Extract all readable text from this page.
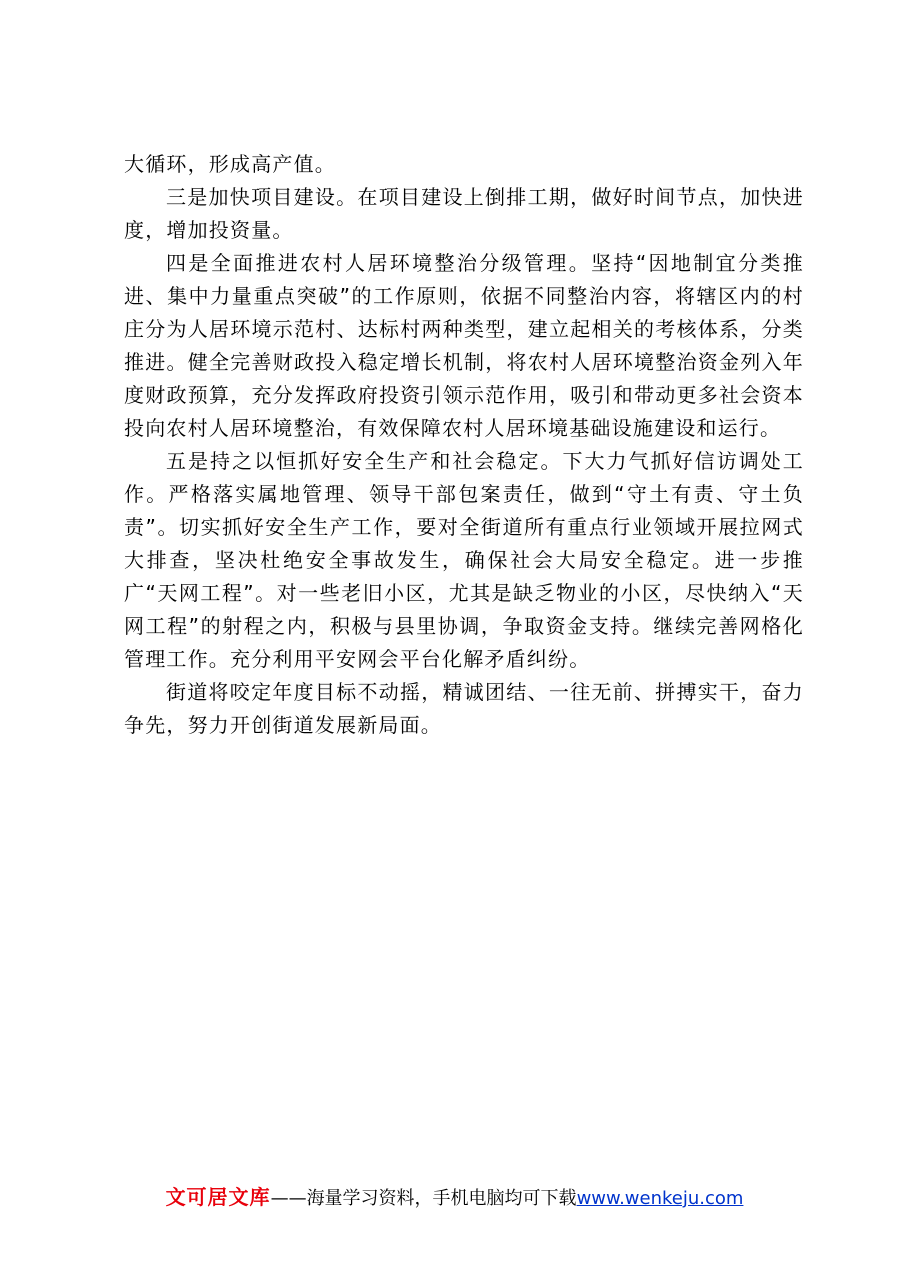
大循环，形成高产值。

三是加快项目建设。在项目建设上倒排工期，做好时间节点，加快进度，增加投资量。

四是全面推进农村人居环境整治分级管理。坚持“因地制宜分类推进、集中力量重点突破”的工作原则，依据不同整治内容，将辖区内的村庄分为人居环境示范村、达标村两种类型，建立起相关的考核体系，分类推进。健全完善财政投入稳定增长机制，将农村人居环境整治资金列入年度财政预算，充分发挥政府投资引领示范作用，吸引和带动更多社会资本投向农村人居环境整治，有效保障农村人居环境基础设施建设和运行。

五是持之以恒抓好安全生产和社会稳定。下大力气抓好信访调处工作。严格落实属地管理、领导干部包案责任，做到“守土有责、守土负责”。切实抓好安全生产工作，要对全街道所有重点行业领域开展拉网式大排查，坚决杜绝安全事故发生，确保社会大局安全稳定。进一步推广“天网工程”。对一些老旧小区，尤其是缺乏物业的小区，尽快纳入“天网工程”的射程之内，积极与县里协调，争取资金支持。继续完善网格化管理工作。充分利用平安网会平台化解矛盾纠纷。

街道将咬定年度目标不动摇，精诚团结、一往无前、拼搏实干，奋力争先，努力开创街道发展新局面。

文可居文库——海量学习资料，手机电脑均可下载www.wenkeju.com
